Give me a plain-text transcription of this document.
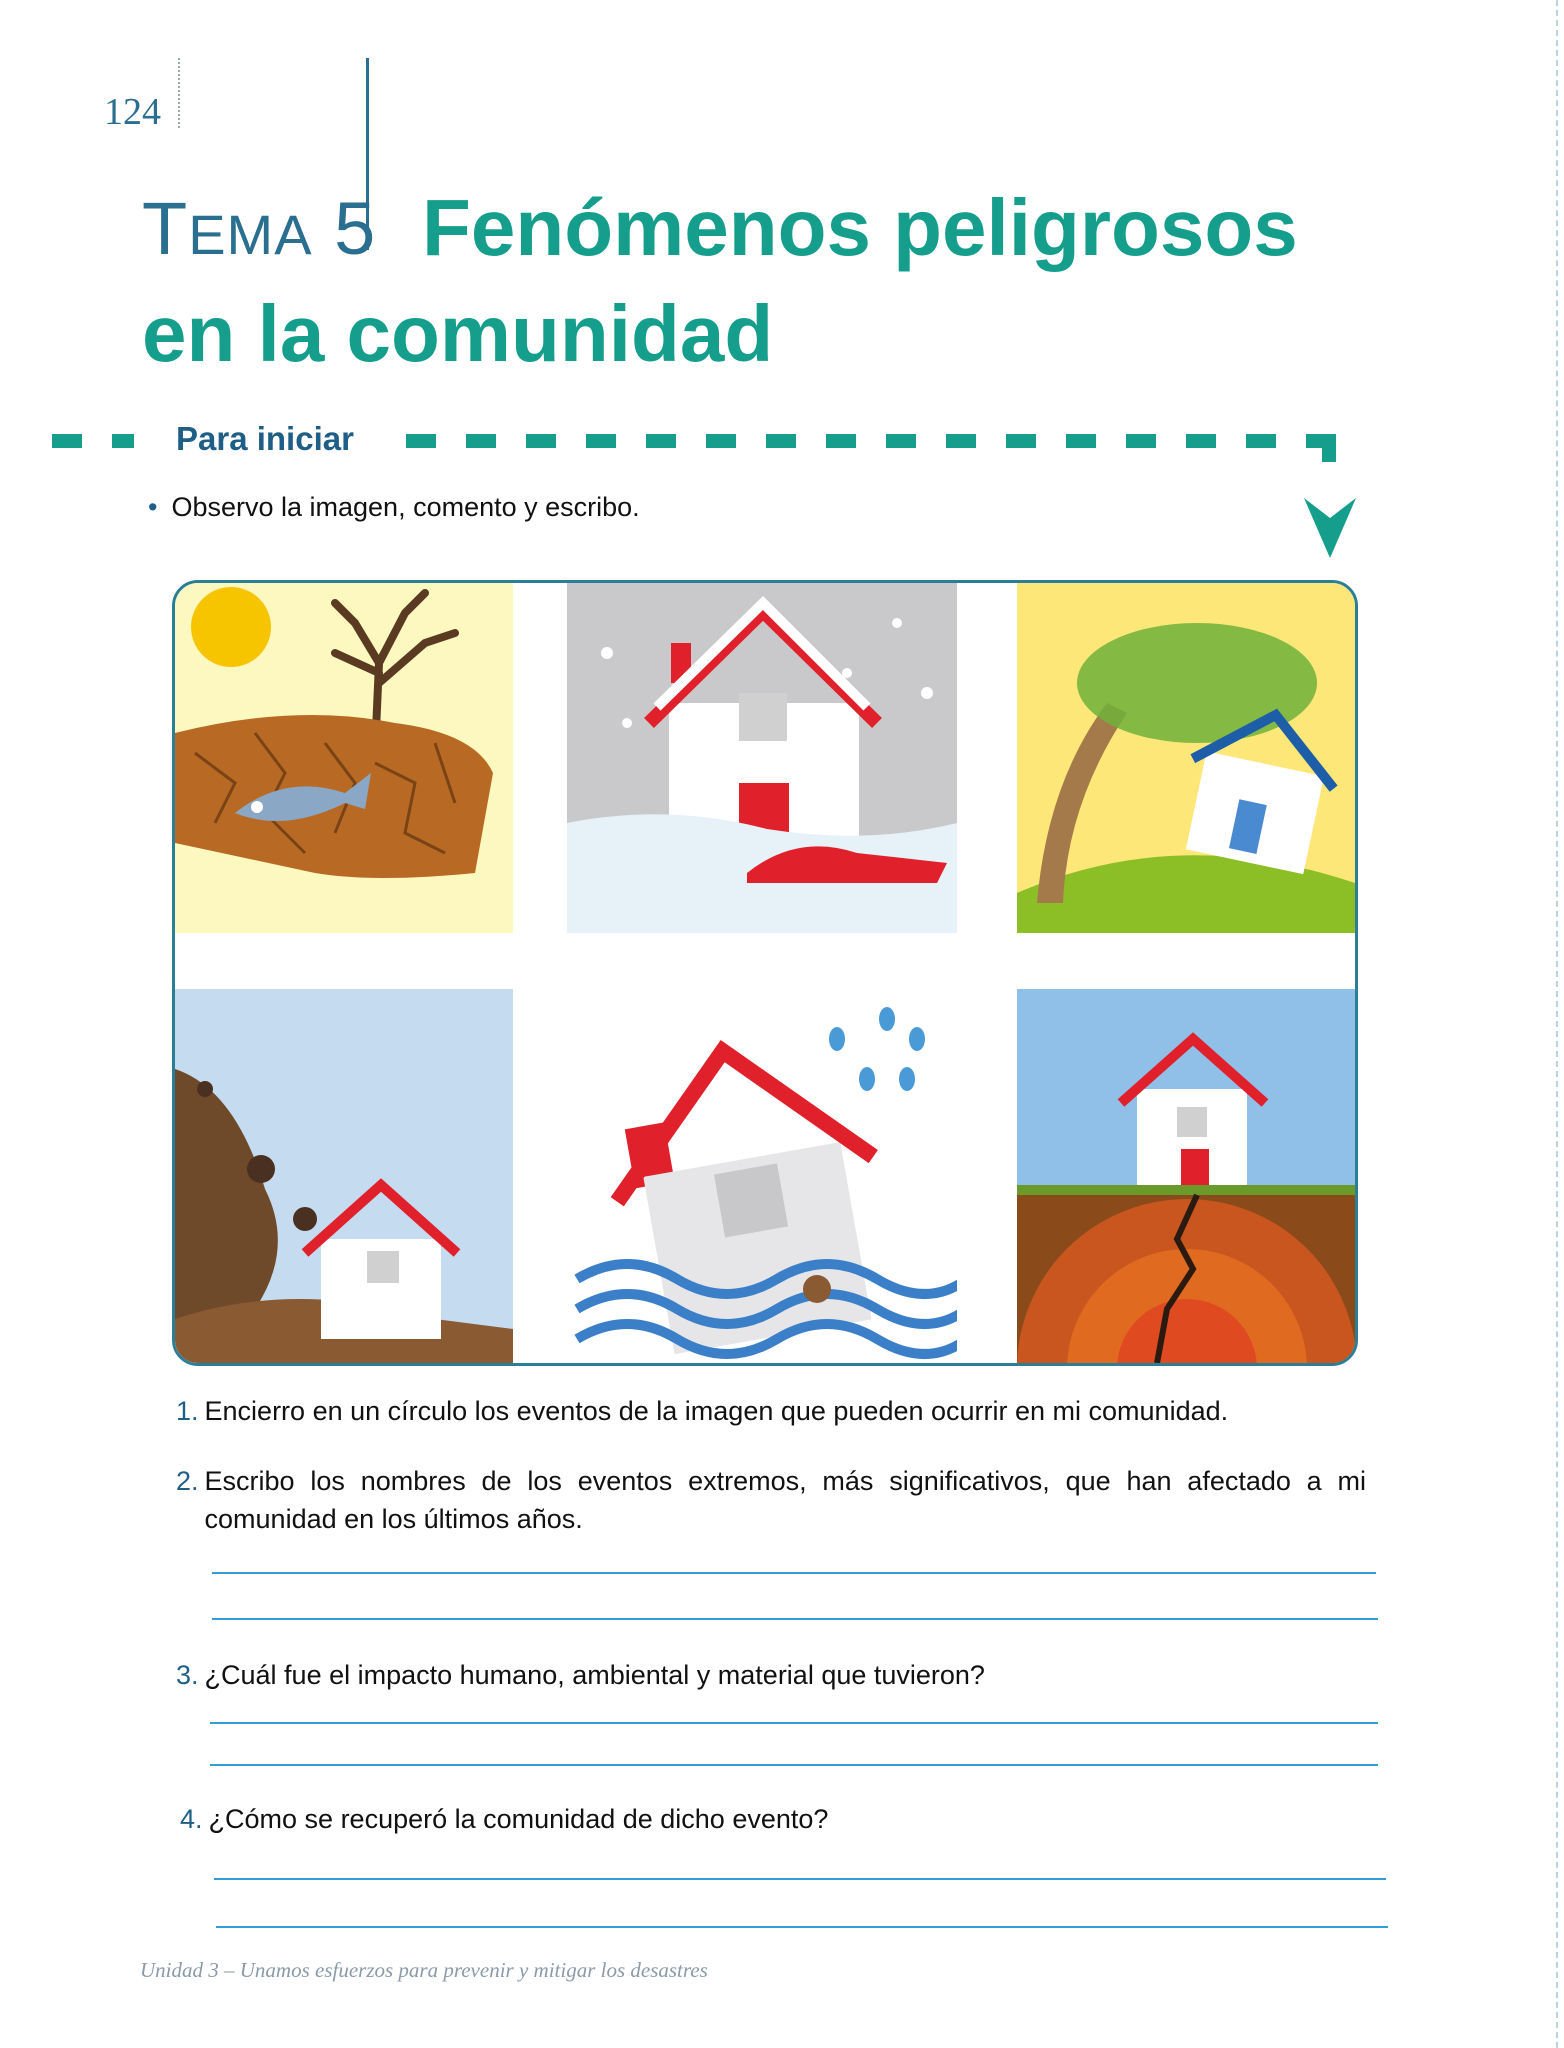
124
TEMA 5 Fenómenos peligrosos
en la comunidad
Para iniciar
• Observo la imagen, comento y escribo.
1. Encierro en un círculo los eventos de la imagen que pueden ocurrir en mi comunidad.
2. Escribo los nombres de los eventos extremos, más significativos, que han afectado a mi comunidad en los últimos años.
3. ¿Cuál fue el impacto humano, ambiental y material que tuvieron?
4. ¿Cómo se recuperó la comunidad de dicho evento?
Unidad 3 – Unamos esfuerzos para prevenir y mitigar los desastres
